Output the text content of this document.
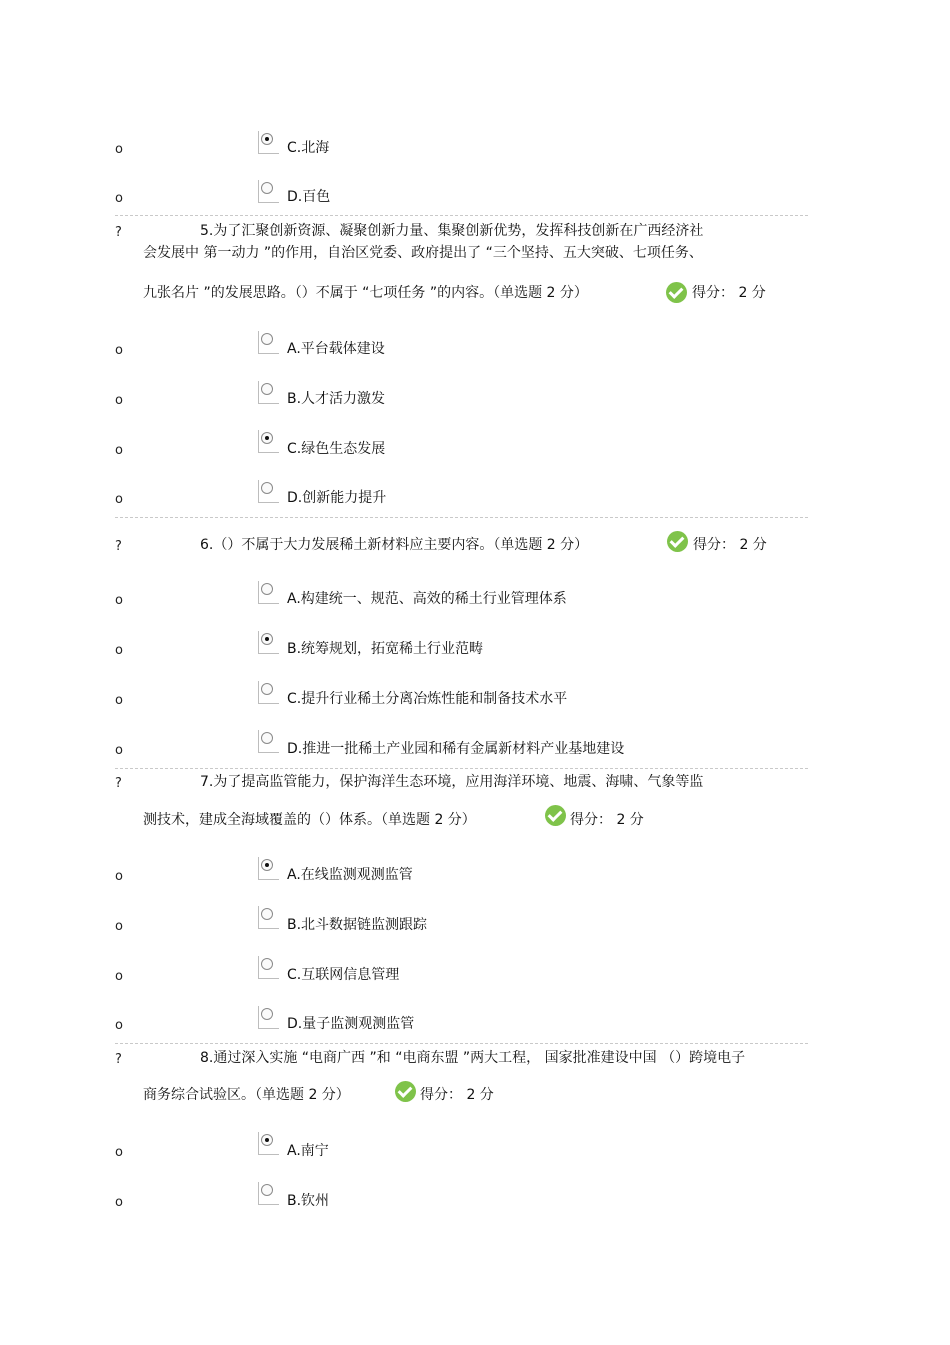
o	C.北海
o	D.百色
?	5.为了汇聚创新资源、凝聚创新力量、集聚创新优势，发挥科技创新在广西经济社
会发展中 第一动力 ”的作用，自治区党委、政府提出了 “三个坚持、五大突破、七项任务、
九张名片 ”的发展思路。（）不属于 “七项任务 ”的内容。（单选题 2 分）	得分： 2 分
o	A.平台载体建设
o	B.人才活力激发
o	C.绿色生态发展
o	D.创新能力提升
?	6.（）不属于大力发展稀土新材料应主要内容。（单选题 2 分）	得分： 2 分
o	A.构建统一、规范、高效的稀土行业管理体系
o	B.统筹规划，拓宽稀土行业范畴
o	C.提升行业稀土分离冶炼性能和制备技术水平
o	D.推进一批稀土产业园和稀有金属新材料产业基地建设
?	7.为了提高监管能力，保护海洋生态环境，应用海洋环境、地震、海啸、气象等监
测技术，建成全海域覆盖的（）体系。（单选题 2 分）	得分： 2 分
o	A.在线监测观测监管
o	B.北斗数据链监测跟踪
o	C.互联网信息管理
o	D.量子监测观测监管
?	8.通过深入实施 “电商广西 ”和 “电商东盟 ”两大工程， 国家批准建设中国 （）跨境电子
商务综合试验区。（单选题 2 分）	得分： 2 分
o	A.南宁
o	B.钦州
